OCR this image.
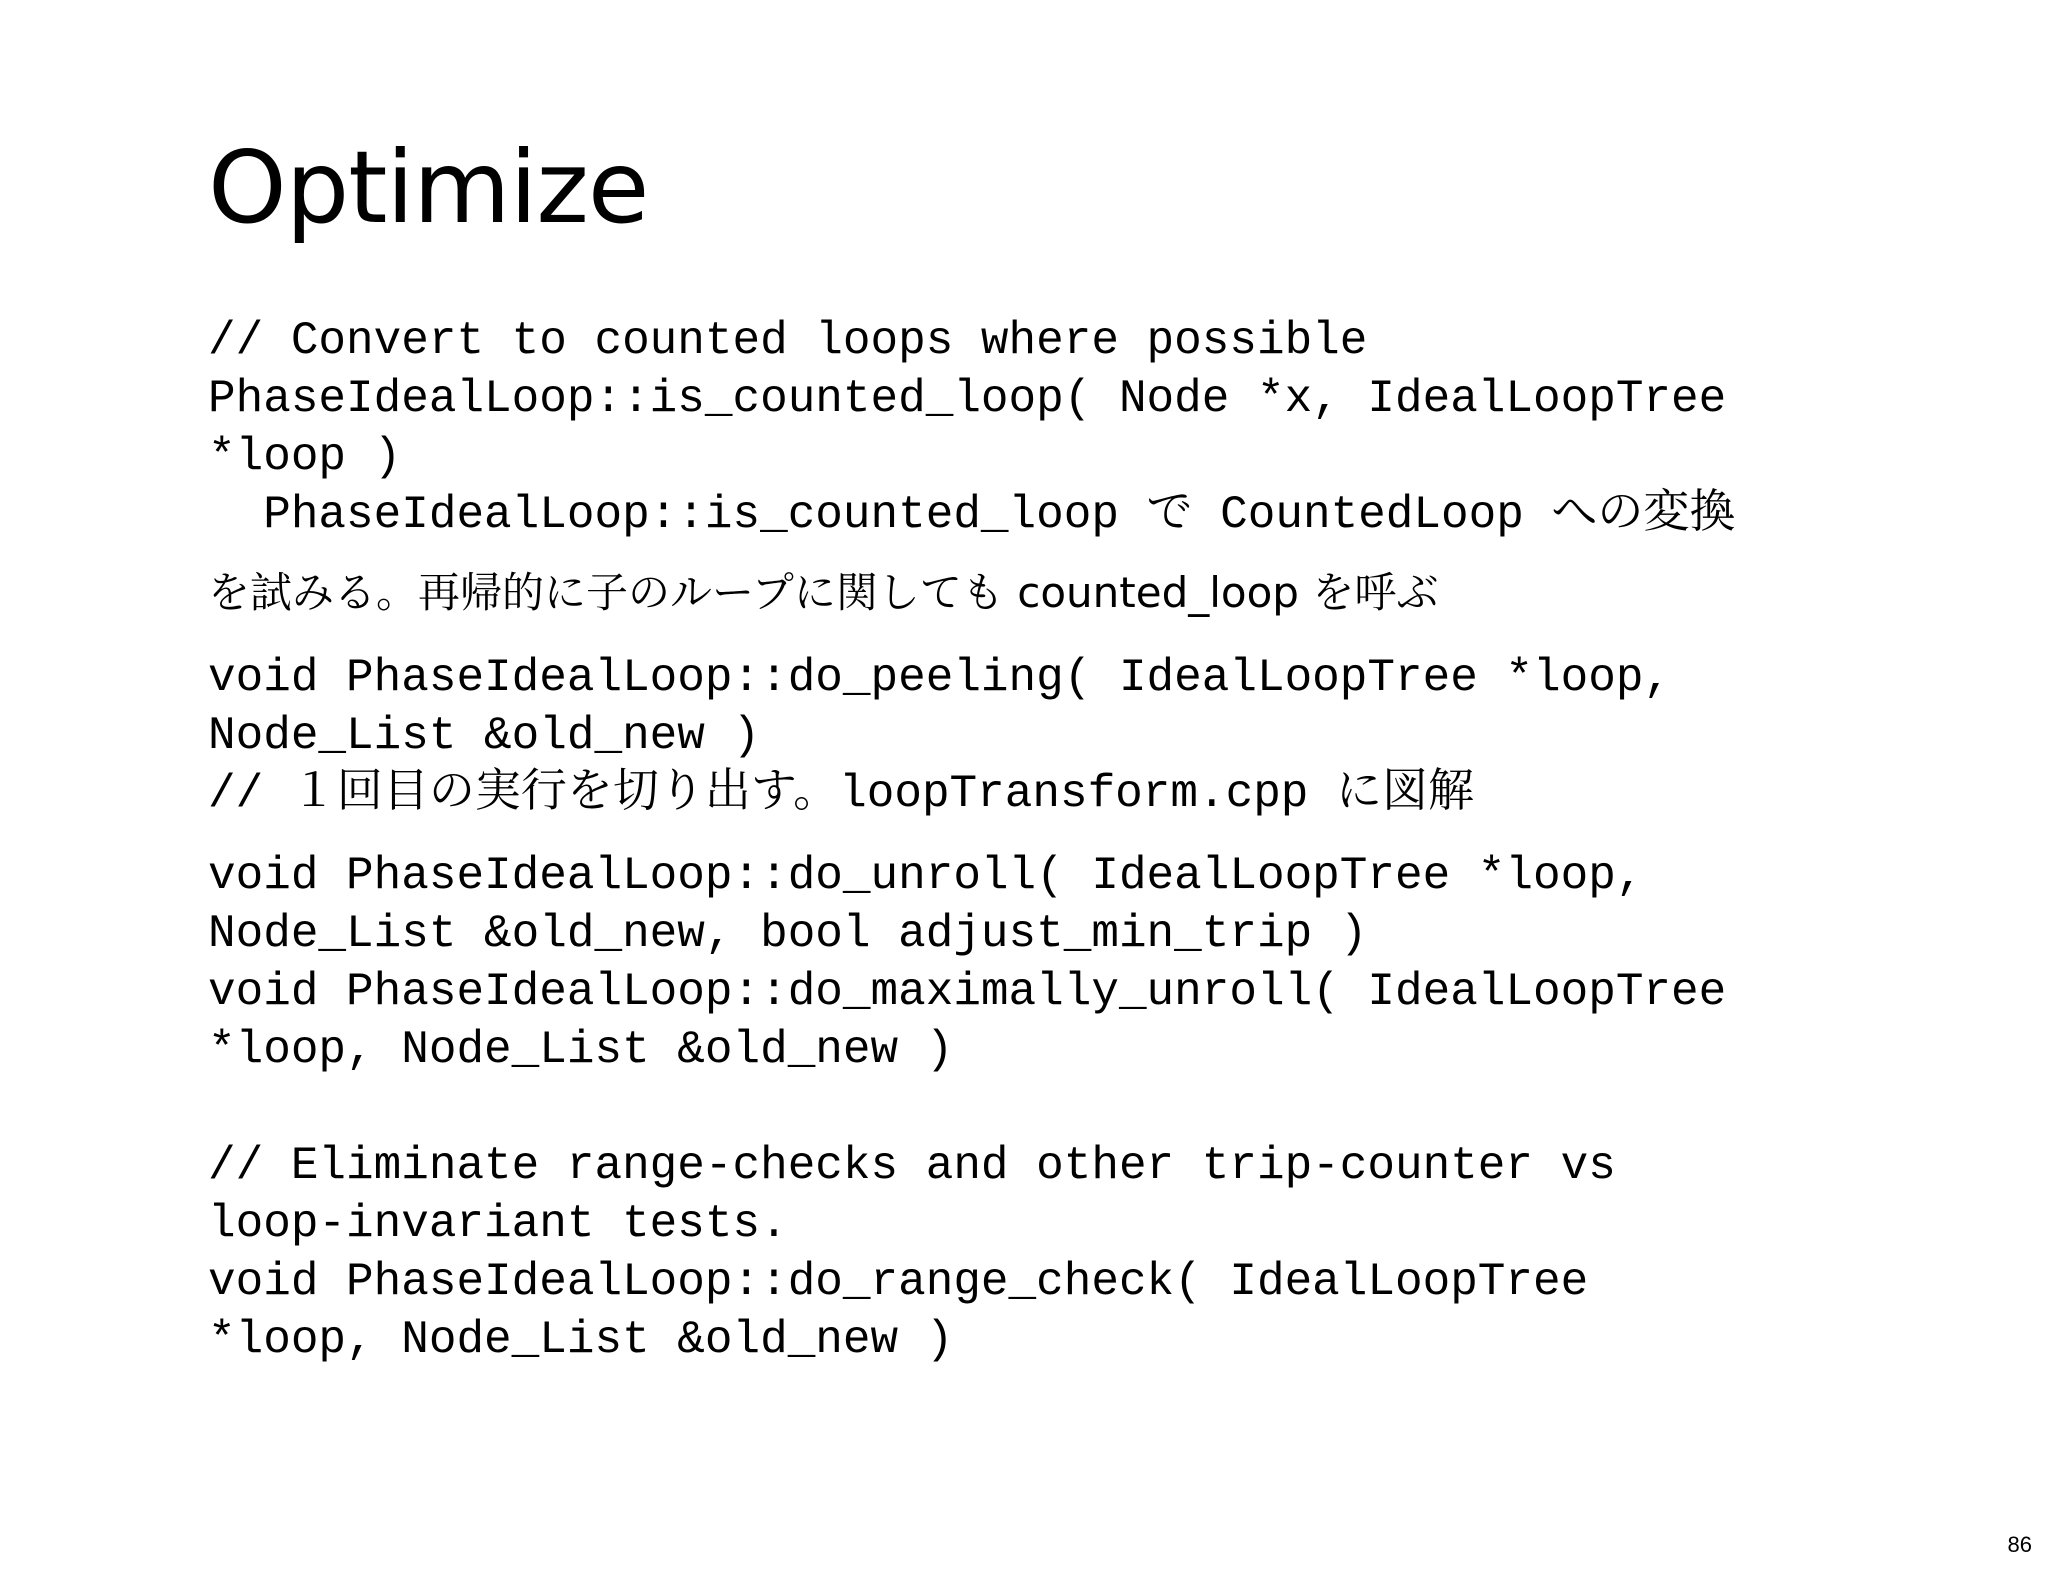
Optimize
// Convert to counted loops where possible
PhaseIdealLoop::is_counted_loop( Node *x, IdealLoopTree
*loop )
PhaseIdealLoop::is_counted_loop で CountedLoop への変換
を試みる。再帰的に子のループに関しても counted_loop を呼ぶ
void PhaseIdealLoop::do_peeling( IdealLoopTree *loop,
Node_List &old_new )
// １回目の実行を切り出す。loopTransform.cpp に図解
void PhaseIdealLoop::do_unroll( IdealLoopTree *loop,
Node_List &old_new, bool adjust_min_trip )
void PhaseIdealLoop::do_maximally_unroll( IdealLoopTree
*loop, Node_List &old_new )
// Eliminate range-checks and other trip-counter vs
loop-invariant tests.
void PhaseIdealLoop::do_range_check( IdealLoopTree
*loop, Node_List &old_new )
86
